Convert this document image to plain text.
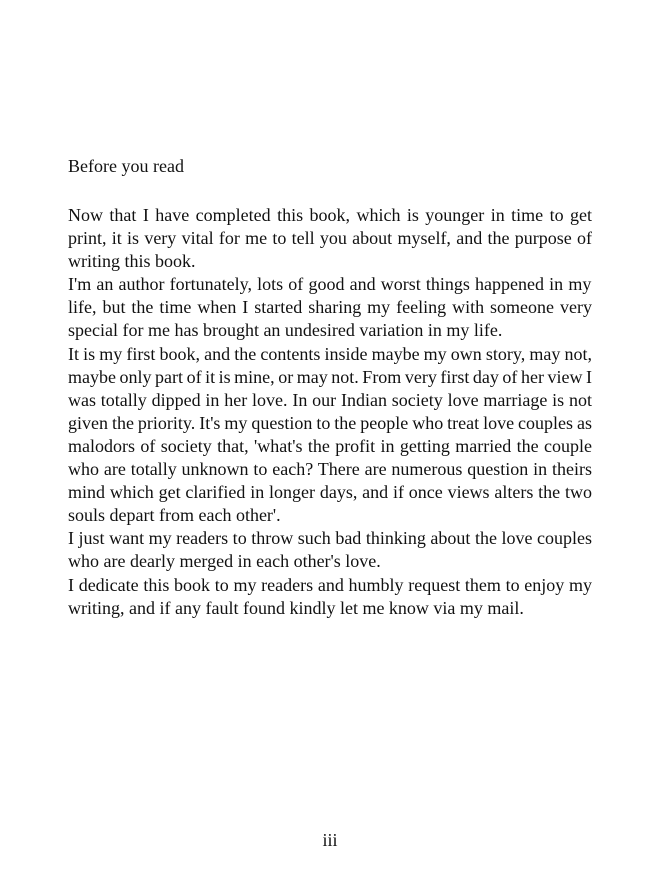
Before you read
Now that I have completed this book, which is younger in time to get
print, it is very vital for me to tell you about myself, and the purpose of
writing this book.
I'm an author fortunately, lots of good and worst things happened in my
life, but the time when I started sharing my feeling with someone very
special for me has brought an undesired variation in my life.
It is my first book, and the contents inside maybe my own story, may not,
maybe only part of it is mine, or may not. From very first day of her view I
was totally dipped in her love. In our Indian society love marriage is not
given the priority. It's my question to the people who treat love couples as
malodors of society that, 'what's the profit in getting married the couple
who are totally unknown to each? There are numerous question in theirs
mind which get clarified in longer days, and if once views alters the two
souls depart from each other'.
I just want my readers to throw such bad thinking about the love couples
who are dearly merged in each other's love.
I dedicate this book to my readers and humbly request them to enjoy my
writing, and if any fault found kindly let me know via my mail.
iii
